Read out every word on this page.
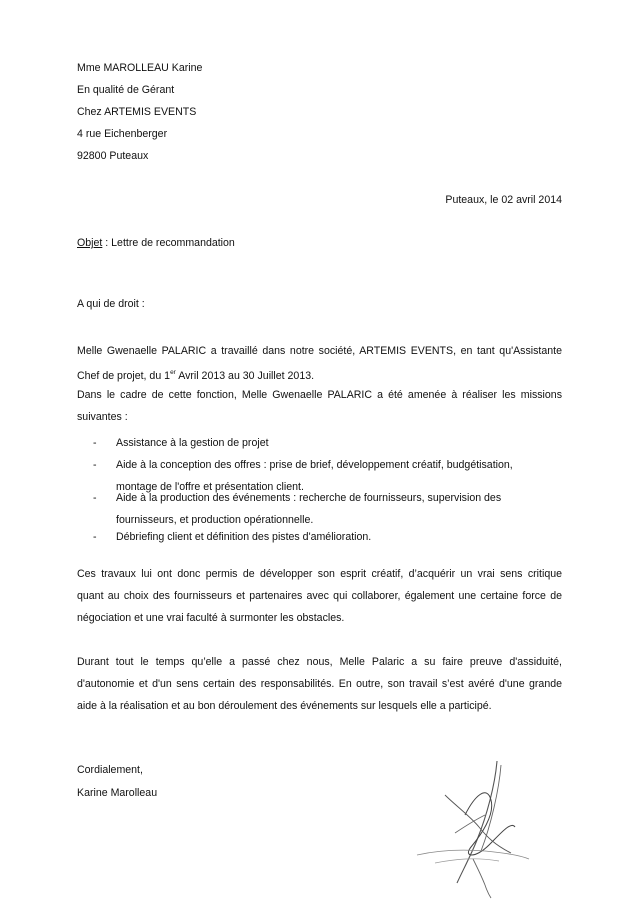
Mme MAROLLEAU Karine
En qualité de Gérant
Chez ARTEMIS EVENTS
4 rue Eichenberger
92800 Puteaux
Puteaux, le 02 avril 2014
Objet : Lettre de recommandation
A qui de droit :
Melle Gwenaelle PALARIC a travaillé dans notre société, ARTEMIS EVENTS, en tant qu'Assistante
Chef de projet, du 1er Avril 2013 au 30 Juillet 2013.
Dans le cadre de cette fonction, Melle Gwenaelle PALARIC a été amenée à réaliser les missions
suivantes :
- Assistance à la gestion de projet
- Aide à la conception des offres : prise de brief, développement créatif, budgétisation,
montage de l'offre et présentation client.
- Aide à la production des événements : recherche de fournisseurs, supervision des
fournisseurs, et production opérationnelle.
- Débriefing client et définition des pistes d'amélioration.
Ces travaux lui ont donc permis de développer son esprit créatif, d’acquérir un vrai sens critique
quant au choix des fournisseurs et partenaires avec qui collaborer, également une certaine force de
négociation et une vrai faculté à surmonter les obstacles.
Durant tout le temps qu’elle a passé chez nous, Melle Palaric a su faire preuve d'assiduité,
d'autonomie et d'un sens certain des responsabilités. En outre, son travail s’est avéré d'une grande
aide à la réalisation et au bon déroulement des événements sur lesquels elle a participé.
Cordialement,
Karine Marolleau
